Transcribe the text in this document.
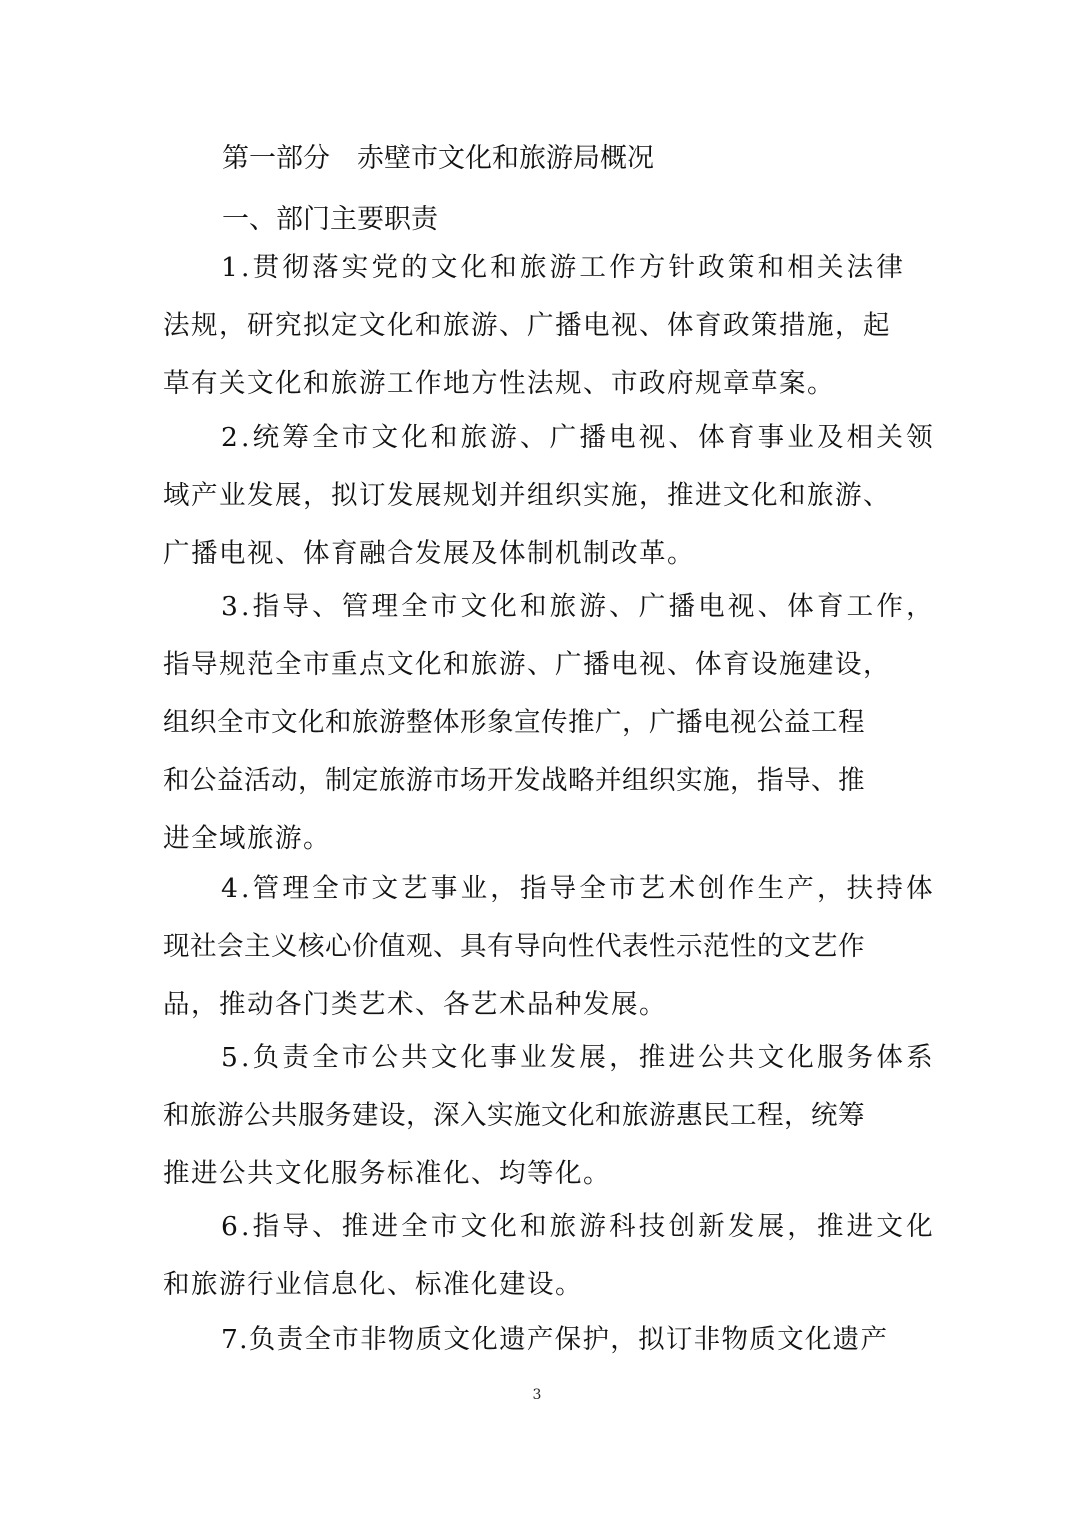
第一部分 赤壁市文化和旅游局概况
一、部门主要职责

1.贯彻落实党的文化和旅游工作方针政策和相关法律
法规，研究拟定文化和旅游、广播电视、体育政策措施，起
草有关文化和旅游工作地方性法规、市政府规章草案。

2.统筹全市文化和旅游、广播电视、体育事业及相关领
域产业发展，拟订发展规划并组织实施，推进文化和旅游、
广播电视、体育融合发展及体制机制改革。

3.指导、管理全市文化和旅游、广播电视、体育工作，
指导规范全市重点文化和旅游、广播电视、体育设施建设，
组织全市文化和旅游整体形象宣传推广，广播电视公益工程
和公益活动，制定旅游市场开发战略并组织实施，指导、推
进全域旅游。

4.管理全市文艺事业，指导全市艺术创作生产，扶持体
现社会主义核心价值观、具有导向性代表性示范性的文艺作
品，推动各门类艺术、各艺术品种发展。

5.负责全市公共文化事业发展，推进公共文化服务体系
和旅游公共服务建设，深入实施文化和旅游惠民工程，统筹
推进公共文化服务标准化、均等化。

6.指导、推进全市文化和旅游科技创新发展，推进文化
和旅游行业信息化、标准化建设。

7.负责全市非物质文化遗产保护，拟订非物质文化遗产

3
